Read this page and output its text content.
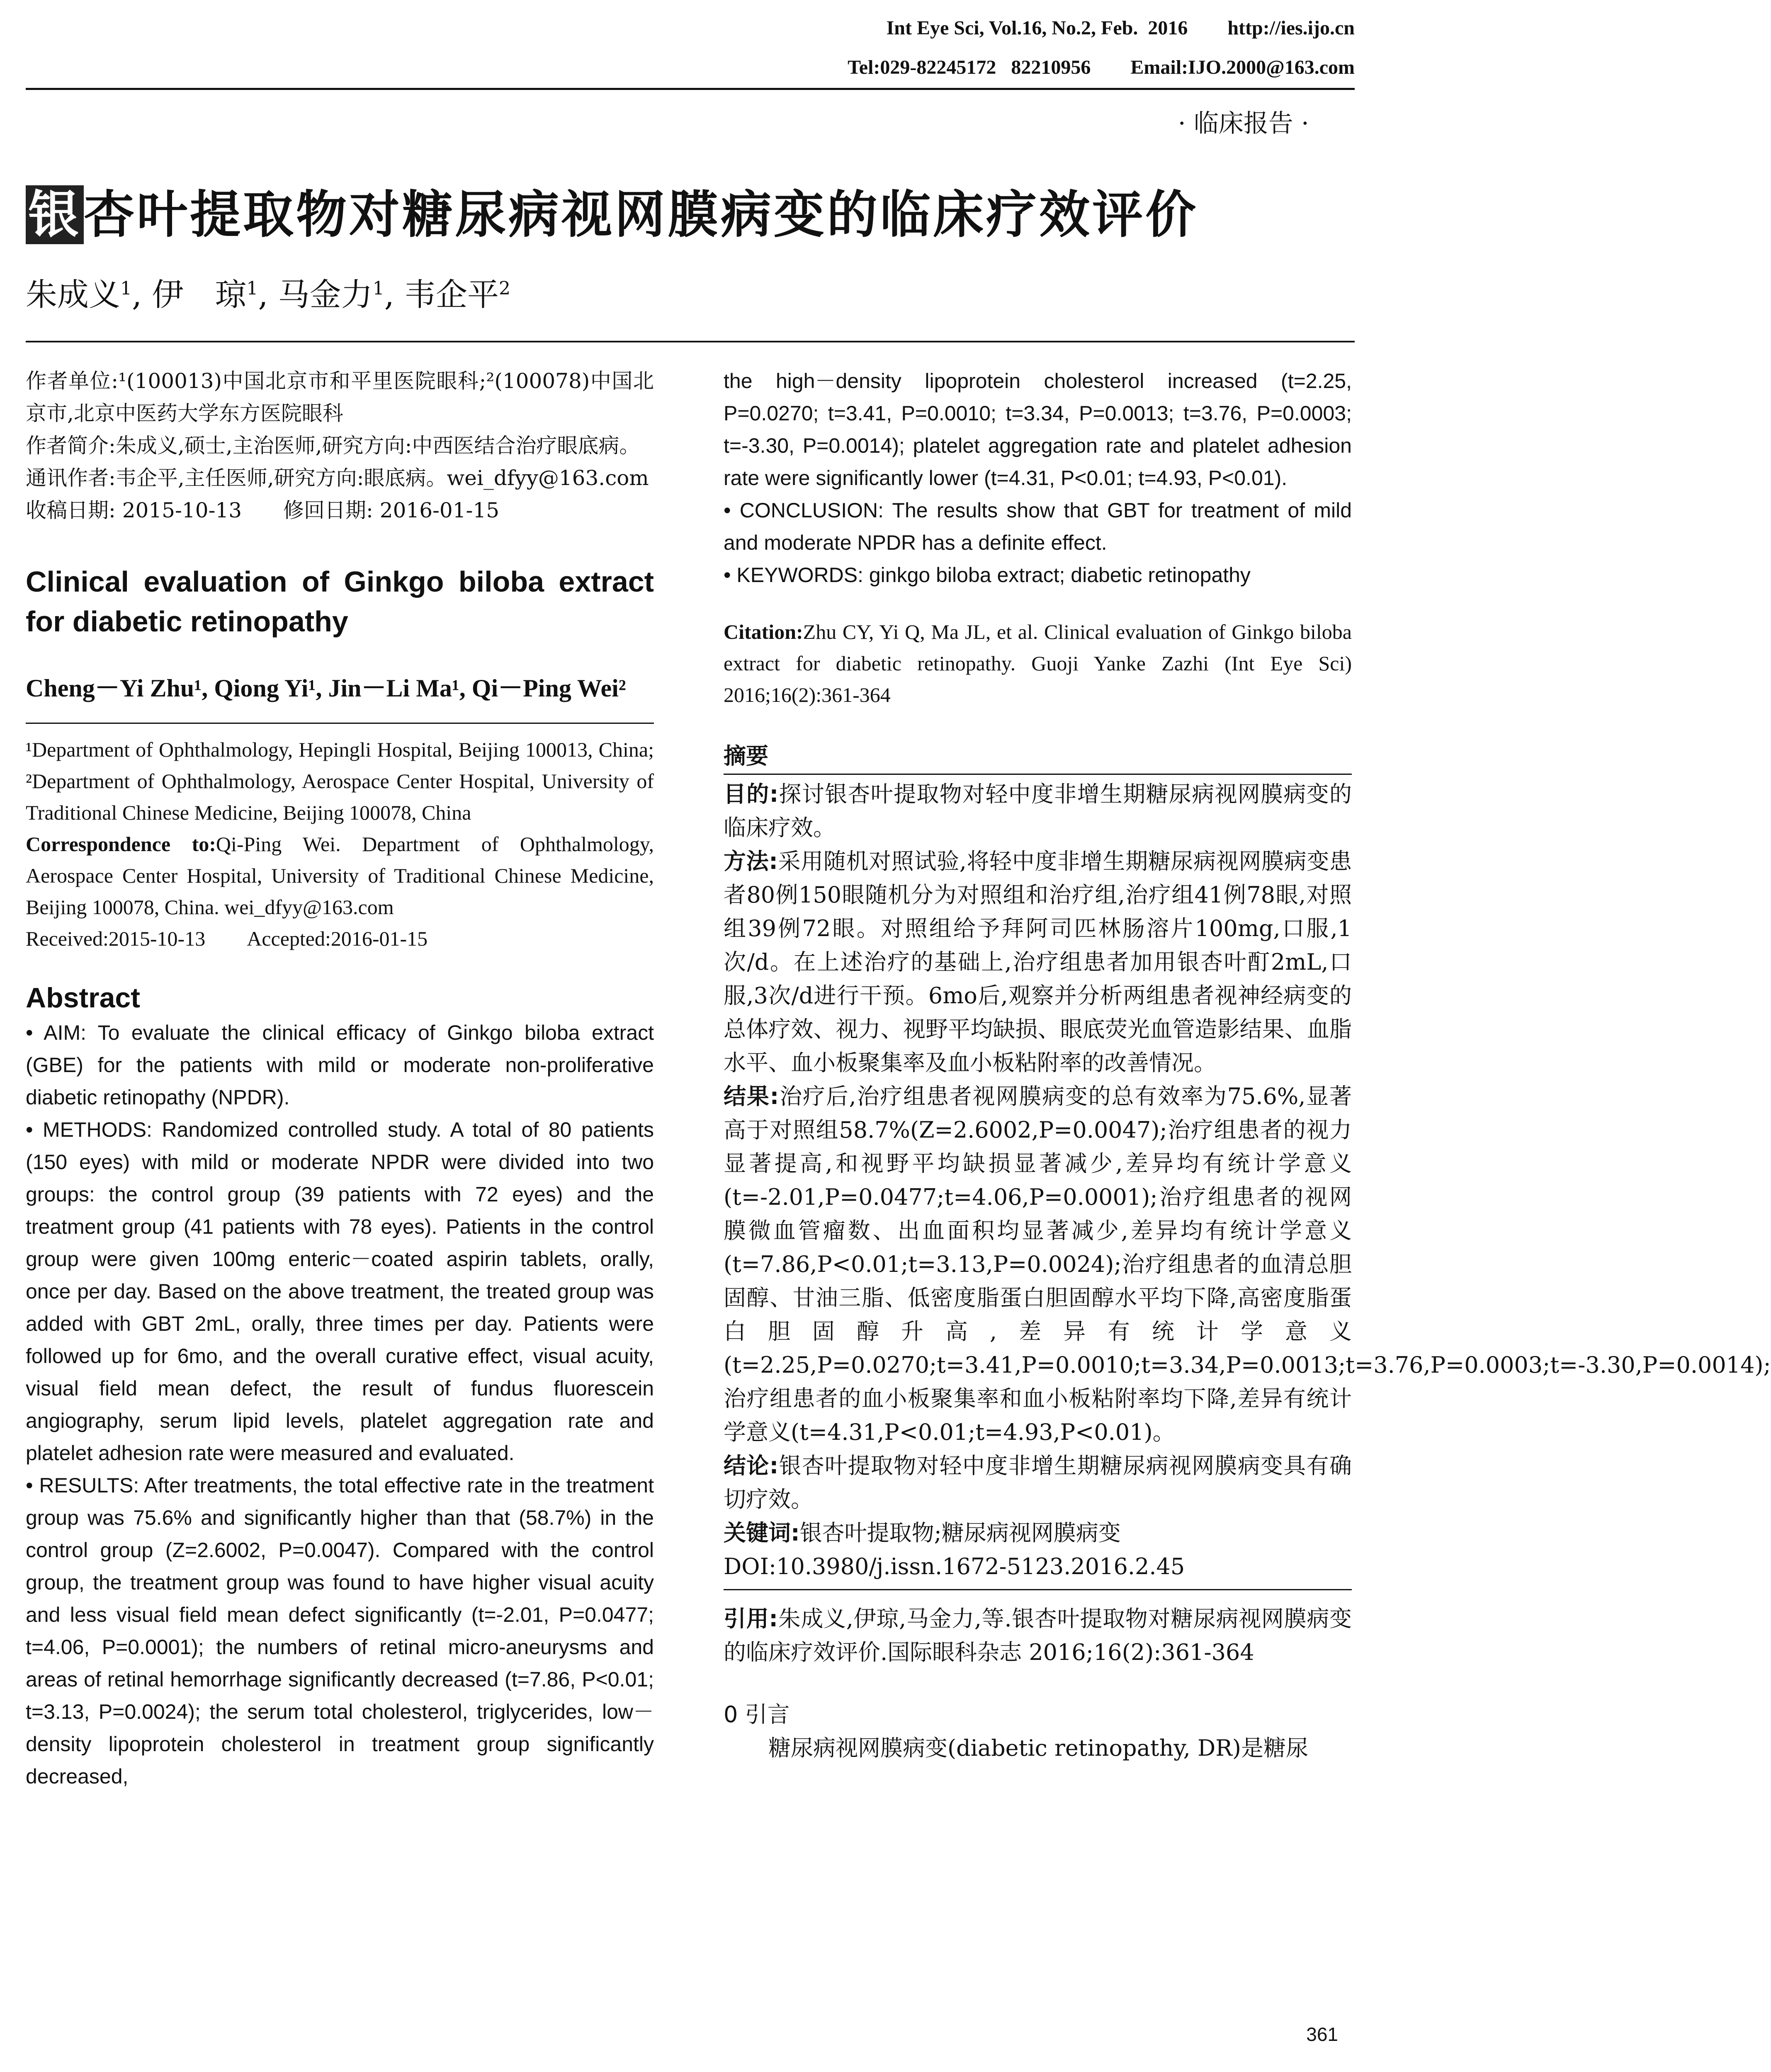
Int Eye Sci, Vol.16, No.2, Feb.  2016        http://ies.ijo.cn
Tel:029-82245172   82210956        Email:IJO.2000@163.com
· 临床报告 ·
银杏叶提取物对糖尿病视网膜病变的临床疗效评价
朱成义$^1$, 伊　琼$^1$, 马金力$^1$, 韦企平$^2$

作者单位:¹(100013)中国北京市和平里医院眼科;²(100078)中国北京市,北京中医药大学东方医院眼科

作者简介:朱成义,硕士,主治医师,研究方向:中西医结合治疗眼底病。

通讯作者:韦企平,主任医师,研究方向:眼底病。wei_dfyy@163.com

收稿日期: 2015-10-13　　修回日期: 2016-01-15

Clinical evaluation of Ginkgo biloba extract for diabetic retinopathy

Cheng－Yi Zhu¹, Qiong Yi¹, Jin－Li Ma¹, Qi－Ping Wei²

¹Department of Ophthalmology, Hepingli Hospital, Beijing 100013, China; ²Department of Ophthalmology, Aerospace Center Hospital, University of Traditional Chinese Medicine, Beijing 100078, China

Correspondence to:Qi-Ping Wei. Department of Ophthalmology, Aerospace Center Hospital, University of Traditional Chinese Medicine, Beijing 100078, China. wei_dfyy@163.com

Received:2015-10-13　　Accepted:2016-01-15

Abstract

• AIM: To evaluate the clinical efficacy of Ginkgo biloba extract (GBE) for the patients with mild or moderate non-proliferative diabetic retinopathy (NPDR).

• METHODS: Randomized controlled study. A total of 80 patients (150 eyes) with mild or moderate NPDR were divided into two groups: the control group (39 patients with 72 eyes) and the treatment group (41 patients with 78 eyes). Patients in the control group were given 100mg enteric－coated aspirin tablets, orally, once per day. Based on the above treatment, the treated group was added with GBT 2mL, orally, three times per day. Patients were followed up for 6mo, and the overall curative effect, visual acuity, visual field mean defect, the result of fundus fluorescein angiography, serum lipid levels, platelet aggregation rate and platelet adhesion rate were measured and evaluated.

• RESULTS: After treatments, the total effective rate in the treatment group was 75.6% and significantly higher than that (58.7%) in the control group (Z=2.6002, P=0.0047). Compared with the control group, the treatment group was found to have higher visual acuity and less visual field mean defect significantly (t=-2.01, P=0.0477; t=4.06, P=0.0001); the numbers of retinal micro-aneurysms and areas of retinal hemorrhage significantly decreased (t=7.86, P<0.01; t=3.13, P=0.0024); the serum total cholesterol, triglycerides, low－density lipoprotein cholesterol in treatment group significantly decreased,

the high－density lipoprotein cholesterol increased (t=2.25, P=0.0270; t=3.41, P=0.0010; t=3.34, P=0.0013; t=3.76, P=0.0003; t=-3.30, P=0.0014); platelet aggregation rate and platelet adhesion rate were significantly lower (t=4.31, P<0.01; t=4.93, P<0.01).

• CONCLUSION: The results show that GBT for treatment of mild and moderate NPDR has a definite effect.

• KEYWORDS: ginkgo biloba extract; diabetic retinopathy

Citation:Zhu CY, Yi Q, Ma JL, et al. Clinical evaluation of Ginkgo biloba extract for diabetic retinopathy. Guoji Yanke Zazhi (Int Eye Sci) 2016;16(2):361-364

摘要

目的:探讨银杏叶提取物对轻中度非增生期糖尿病视网膜病变的临床疗效。

方法:采用随机对照试验,将轻中度非增生期糖尿病视网膜病变患者80例150眼随机分为对照组和治疗组,治疗组41例78眼,对照组39例72眼。对照组给予拜阿司匹林肠溶片100mg,口服,1次/d。在上述治疗的基础上,治疗组患者加用银杏叶酊2mL,口服,3次/d进行干预。6mo后,观察并分析两组患者视神经病变的总体疗效、视力、视野平均缺损、眼底荧光血管造影结果、血脂水平、血小板聚集率及血小板粘附率的改善情况。

结果:治疗后,治疗组患者视网膜病变的总有效率为75.6%,显著高于对照组58.7%(Z=2.6002,P=0.0047);治疗组患者的视力显著提高,和视野平均缺损显著减少,差异均有统计学意义(t=-2.01,P=0.0477;t=4.06,P=0.0001);治疗组患者的视网膜微血管瘤数、出血面积均显著减少,差异均有统计学意义(t=7.86,P<0.01;t=3.13,P=0.0024);治疗组患者的血清总胆固醇、甘油三脂、低密度脂蛋白胆固醇水平均下降,高密度脂蛋白胆固醇升高,差异有统计学意义(t=2.25,P=0.0270;t=3.41,P=0.0010;t=3.34,P=0.0013;t=3.76,P=0.0003;t=-3.30,P=0.0014);治疗组患者的血小板聚集率和血小板粘附率均下降,差异有统计学意义(t=4.31,P<0.01;t=4.93,P<0.01)。

结论:银杏叶提取物对轻中度非增生期糖尿病视网膜病变具有确切疗效。

关键词:银杏叶提取物;糖尿病视网膜病变

DOI:10.3980/j.issn.1672-5123.2016.2.45

引用:朱成义,伊琼,马金力,等.银杏叶提取物对糖尿病视网膜病变的临床疗效评价.国际眼科杂志 2016;16(2):361-364

0 引言

　　糖尿病视网膜病变(diabetic retinopathy, DR)是糖尿

361
